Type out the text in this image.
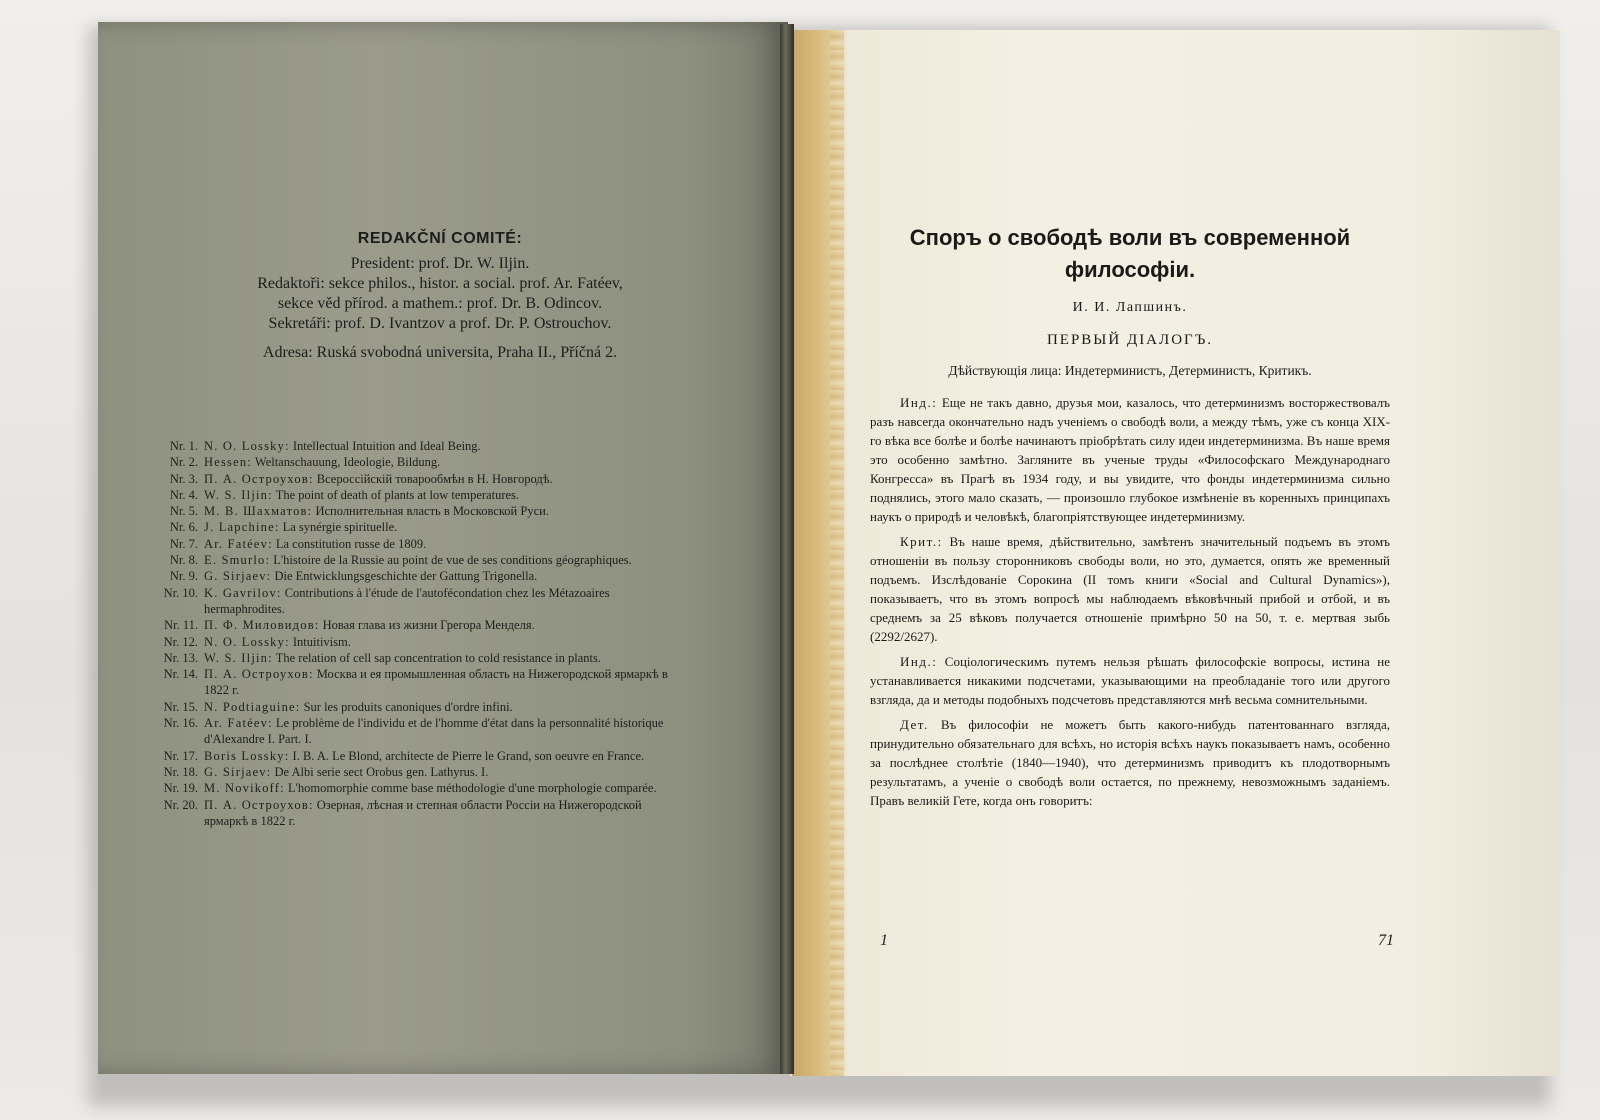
REDAKČNÍ COMITÉ:
President: prof. Dr. W. Iljin.
Redaktoři: sekce philos., histor. a social. prof. Ar. Fatéev,
sekce věd přírod. a mathem.: prof. Dr. B. Odincov.
Sekretáři: prof. D. Ivantzov a prof. Dr. P. Ostrouchov.
Adresa: Ruská svobodná universita, Praha II., Příčná 2.
Nr. 1. N. O. Lossky: Intellectual Intuition and Ideal Being.
Nr. 2. Hessen: Weltanschauung, Ideologie, Bildung.
Nr. 3. П. А. Остроухов: Всероссійскій товарообмѣн в Н. Новгородѣ.
Nr. 4. W. S. Iljin: The point of death of plants at low temperatures.
Nr. 5. М. В. Шахматов: Исполнительная власть в Московской Руси.
Nr. 6. J. Lapchine: La synérgie spirituelle.
Nr. 7. Ar. Fatéev: La constitution russe de 1809.
Nr. 8. E. Smurlo: L'histoire de la Russie au point de vue de ses conditions géographiques.
Nr. 9. G. Sirjaev: Die Entwicklungsgeschichte der Gattung Trigonella.
Nr. 10. K. Gavrilov: Contributions à l'étude de l'autofécondation chez les Métazoaires hermaphrodites.
Nr. 11. П. Ф. Миловидов: Новая глава из жизни Грегора Менделя.
Nr. 12. N. O. Lossky: Intuitivism.
Nr. 13. W. S. Iljin: The relation of cell sap concentration to cold resistance in plants.
Nr. 14. П. А. Остроухов: Москва и ея промышленная область на Нижегородской ярмаркѣ в 1822 г.
Nr. 15. N. Podtiaguine: Sur les produits canoniques d'ordre infini.
Nr. 16. Ar. Fatéev: Le problème de l'individu et de l'homme d'état dans la personnalité historique d'Alexandre I. Part. I.
Nr. 17. Boris Lossky: I. B. A. Le Blond, architecte de Pierre le Grand, son oeuvre en France.
Nr. 18. G. Sirjaev: De Albi serie sect Orobus gen. Lathyrus. I.
Nr. 19. M. Novikoff: L'homomorphie comme base méthodologie d'une morphologie comparée.
Nr. 20. П. А. Остроухов: Озерная, лѣсная и степная области Россіи на Нижегородской ярмаркѣ в 1822 г.
Споръ о свободѣ воли въ современной философіи.
И. И. Лапшинъ.
ПЕРВЫЙ ДІАЛОГЪ.
Дѣйствующія лица: Индетерминистъ, Детерминистъ, Критикъ.

Инд.: Еще не такъ давно, друзья мои, казалось, что детерминизмъ восторжествовалъ разъ навсегда окончательно надъ ученіемъ о свободѣ воли, а между тѣмъ, уже съ конца XIX-го вѣка все болѣе и болѣе начинаютъ пріобрѣтать силу идеи индетерминизма. Въ наше время это особенно замѣтно. Загляните въ ученые труды «Философскаго Международнаго Конгресса» въ Прагѣ въ 1934 году, и вы увидите, что фонды индетерминизма сильно поднялись, этого мало сказать, — произошло глубокое измѣненіе въ коренныхъ принципахъ наукъ о природѣ и человѣкѣ, благопріятствующее индетерминизму.

Крит.: Въ наше время, дѣйствительно, замѣтенъ значительный подъемъ въ этомъ отношеніи въ пользу сторонниковъ свободы воли, но это, думается, опять же временный подъемъ. Изслѣдованіе Сорокина (II томъ книги «Social and Cultural Dynamics»), показываетъ, что въ этомъ вопросѣ мы наблюдаемъ вѣковѣчный прибой и отбой, и въ среднемъ за 25 вѣковъ получается отношеніе примѣрно 50 на 50, т. е. мертвая зыбь (2292/2627).

Инд.: Соціологическимъ путемъ нельзя рѣшать философскіе вопросы, истина не устанавливается никакими подсчетами, указывающими на преобладаніе того или другого взгляда, да и методы подобныхъ подсчетовъ представляются мнѣ весьма сомнительными.

Дет. Въ философіи не можетъ быть какого-нибудь патентованнаго взгляда, принудительно обязательнаго для всѣхъ, но исторія всѣхъ наукъ показываетъ намъ, особенно за послѣднее столѣтіе (1840—1940), что детерминизмъ приводитъ къ плодотворнымъ результатамъ, а ученіе о свободѣ воли остается, по прежнему, невозможнымъ заданіемъ. Правъ великій Гете, когда онъ говоритъ:

1	71
